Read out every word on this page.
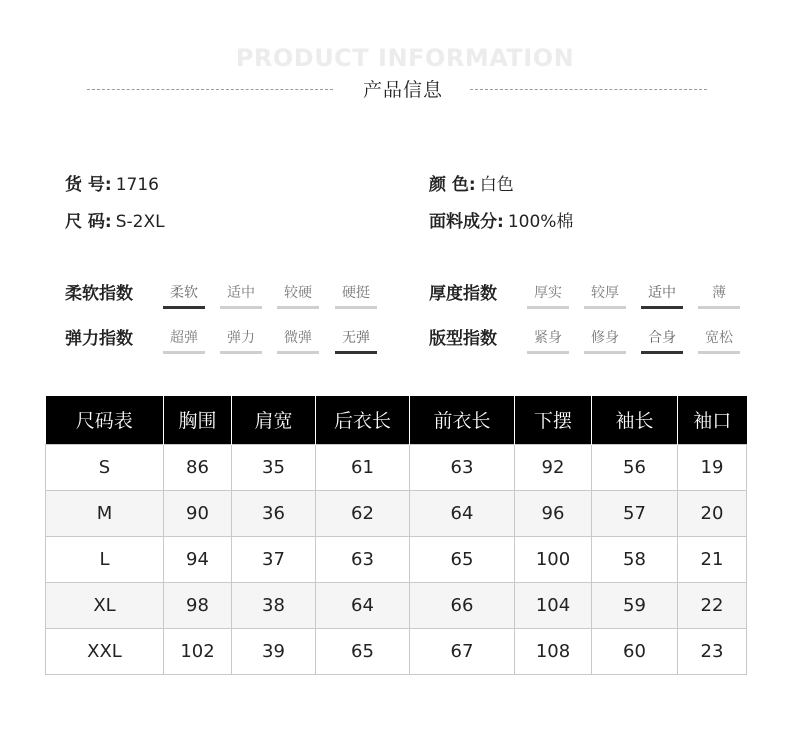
PRODUCT INFORMATION
产品信息
货 号: 1716	颜 色: 白色
尺 码: S-2XL	面料成分: 100%棉
柔软指数	柔软	适中	较硬	硬挺	厚度指数	厚实	较厚	适中	薄
弹力指数	超弹	弹力	微弹	无弹	版型指数	紧身	修身	合身	宽松
尺码表	胸围	肩宽	后衣长	前衣长	下摆	袖长	袖口
S	86	35	61	63	92	56	19
M	90	36	62	64	96	57	20
L	94	37	63	65	100	58	21
XL	98	38	64	66	104	59	22
XXL	102	39	65	67	108	60	23
